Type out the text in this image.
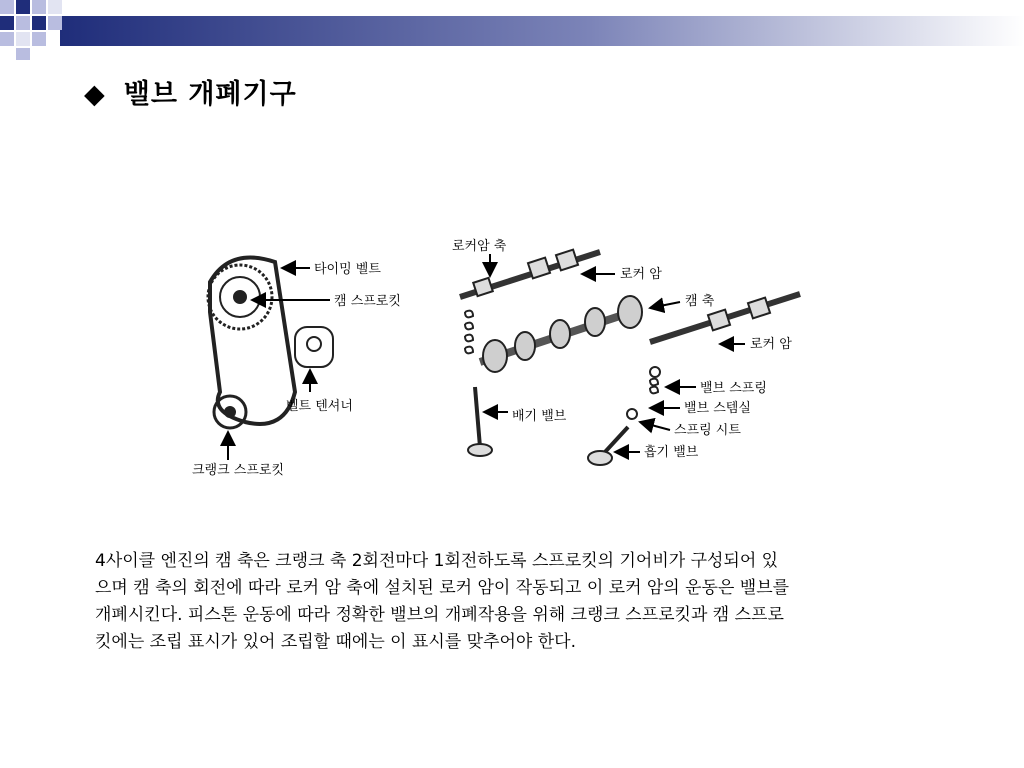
◆ 밸브 개폐기구
타이밍 벨트
캠 스프로킷
벨트 텐셔너
크랭크 스프로킷
로커암 축
로커 암
캠 축
로커 암
배기 밸브
밸브 스프링
밸브 스템실
스프링 시트
흡기 밸브
4사이클 엔진의 캠 축은 크랭크 축 2회전마다 1회전하도록 스프로킷의 기어비가 구성되어 있
으며 캠 축의 회전에 따라 로커 암 축에 설치된 로커 암이 작동되고 이 로커 암의 운동은 밸브를
개폐시킨다. 피스톤 운동에 따라 정확한 밸브의 개폐작용을 위해 크랭크 스프로킷과 캠 스프로
킷에는 조립 표시가 있어 조립할 때에는 이 표시를 맞추어야 한다.
